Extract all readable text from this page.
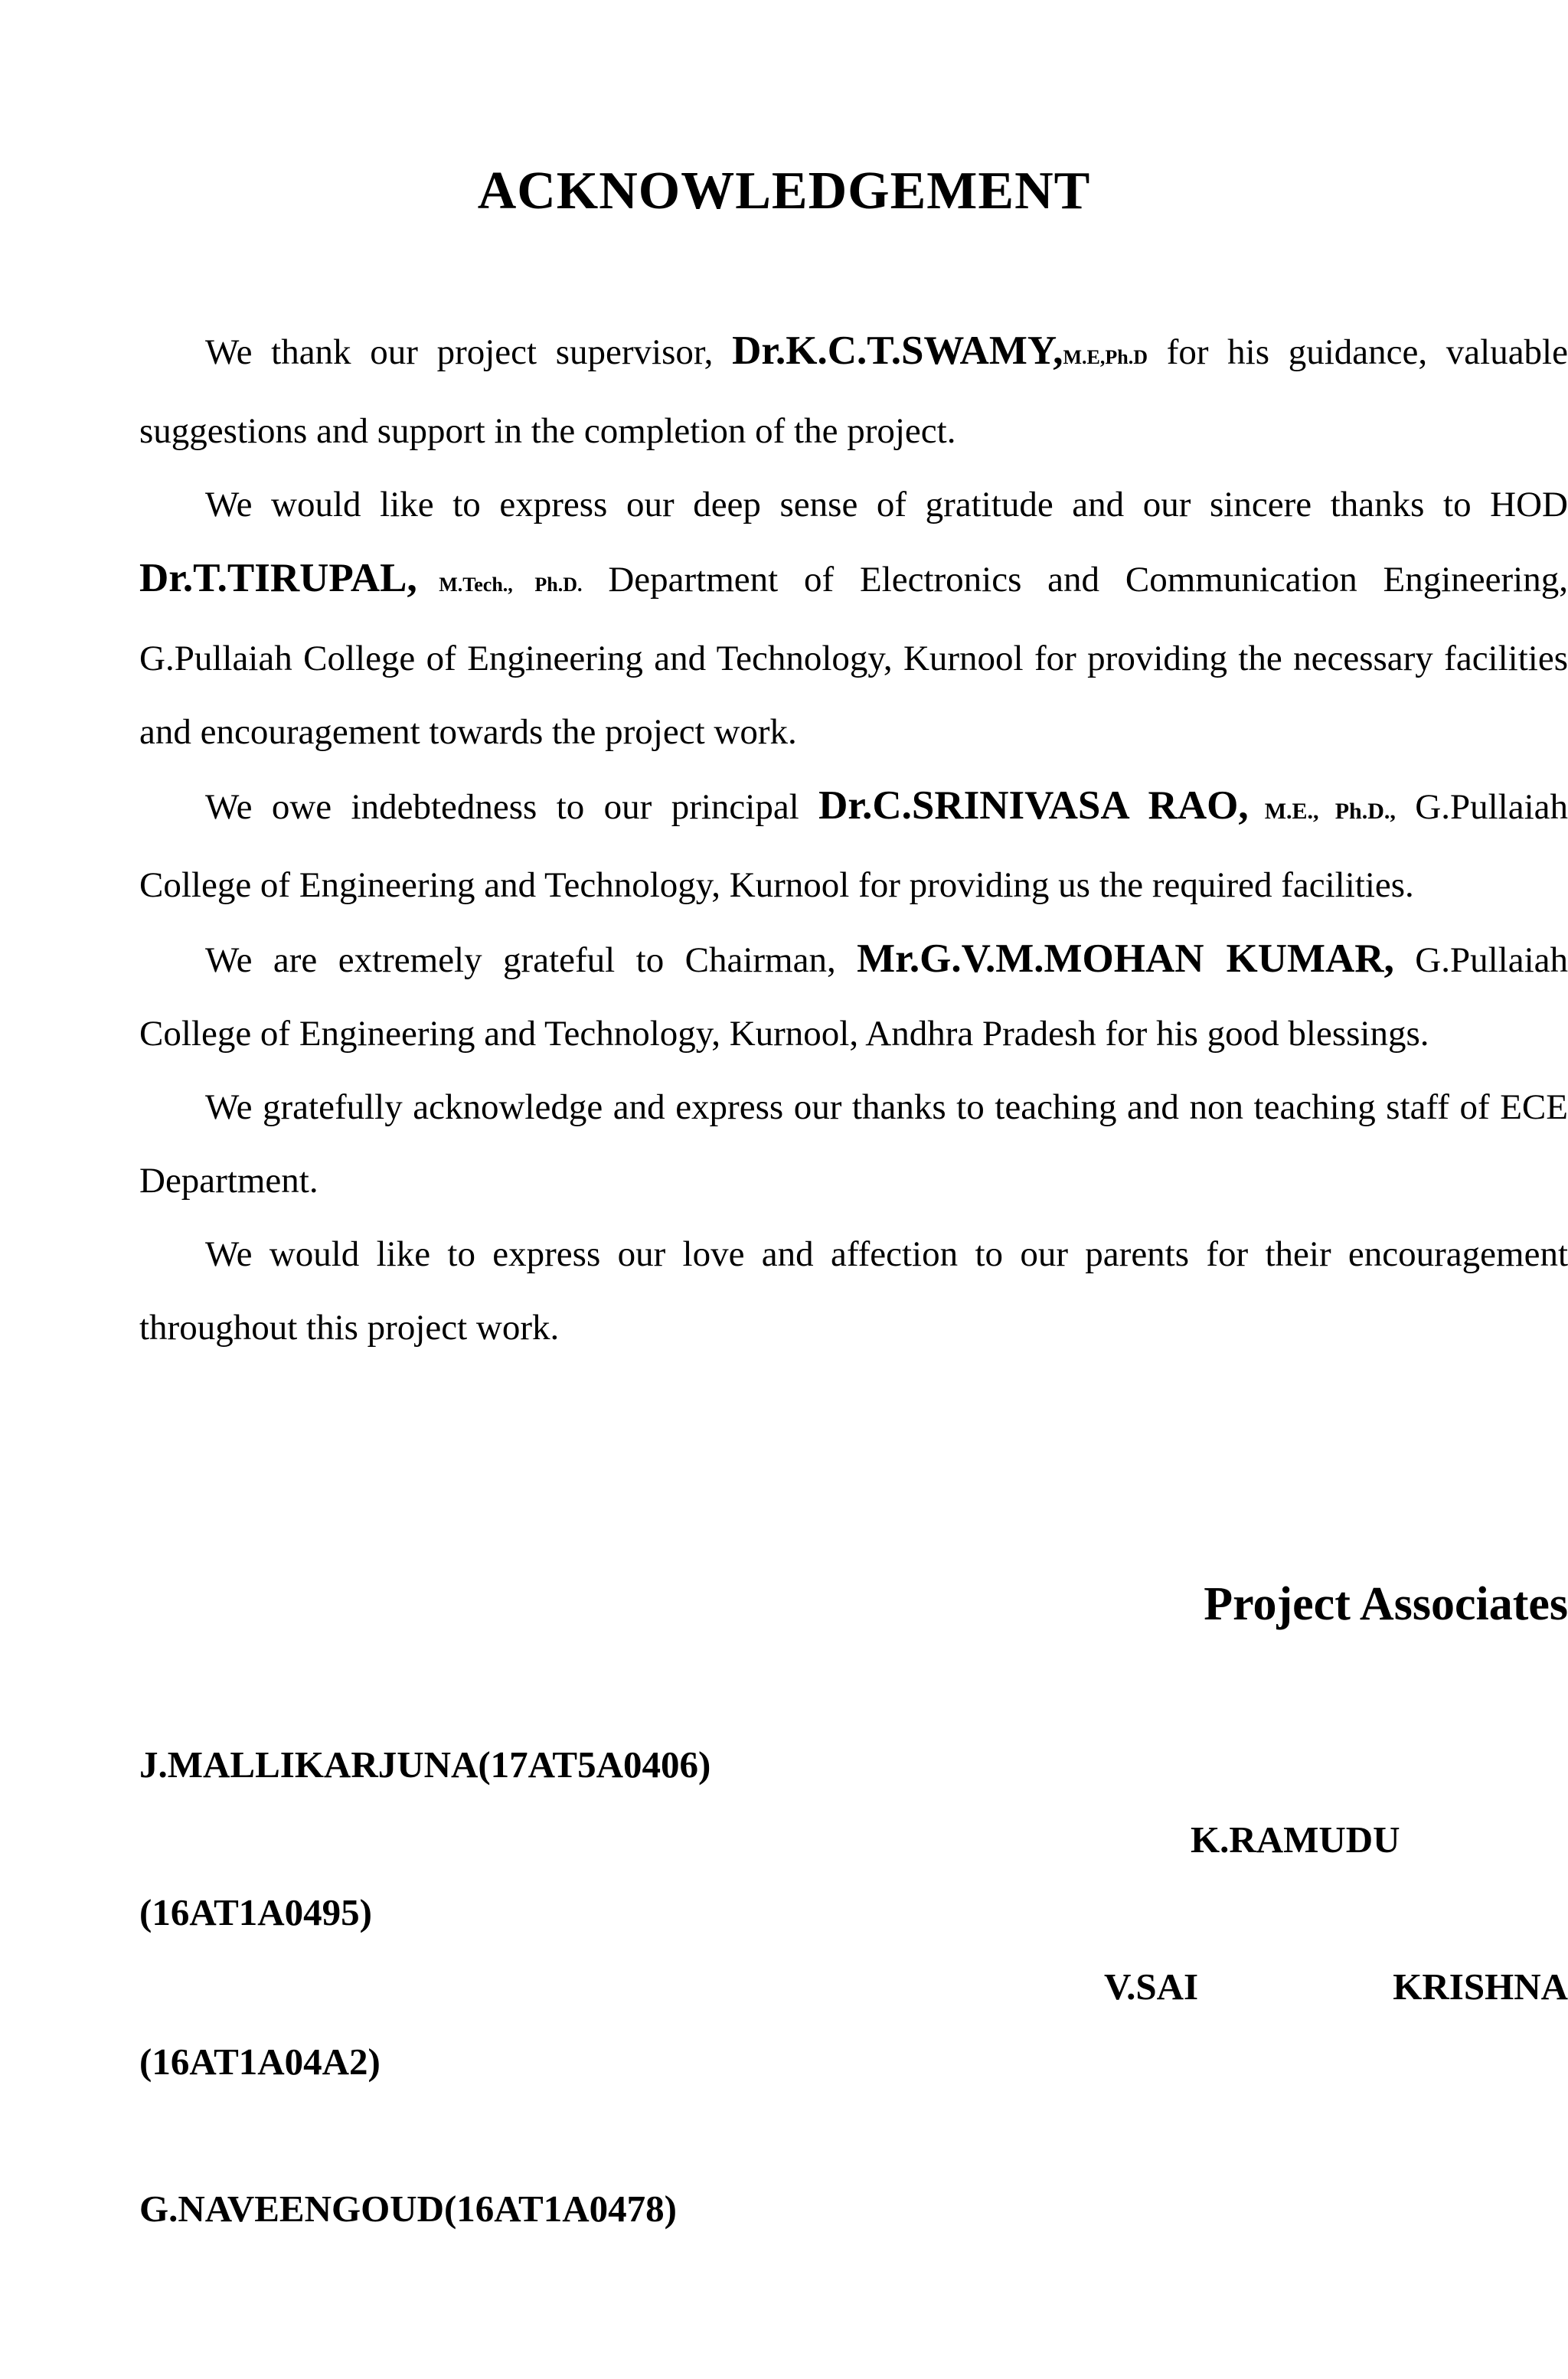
ACKNOWLEDGEMENT

We thank our project supervisor, Dr.K.C.T.SWAMY,M.E,Ph.D for his guidance, valuable suggestions and support in the completion of the project.

We would like to express our deep sense of gratitude and our sincere thanks to HOD Dr.T.TIRUPAL, M.Tech., Ph.D. Department of Electronics and Communication Engineering, G.Pullaiah College of Engineering and Technology, Kurnool for providing the necessary facilities and encouragement towards the project work.

We owe indebtedness to our principal Dr.C.SRINIVASA RAO, M.E., Ph.D., G.Pullaiah College of Engineering and Technology, Kurnool for providing us the required facilities.

We are extremely grateful to Chairman, Mr.G.V.M.MOHAN KUMAR, G.Pullaiah College of Engineering and Technology, Kurnool, Andhra Pradesh for his good blessings.

We gratefully acknowledge and express our thanks to teaching and non teaching staff of ECE Department.

We would like to express our love and affection to our parents for their encouragement throughout this project work.

Project Associates
J.MALLIKARJUNA(17AT5A0406)
K.RAMUDU
(16AT1A0495)
V.SAI	KRISHNA
(16AT1A04A2)
G.NAVEENGOUD(16AT1A0478)
